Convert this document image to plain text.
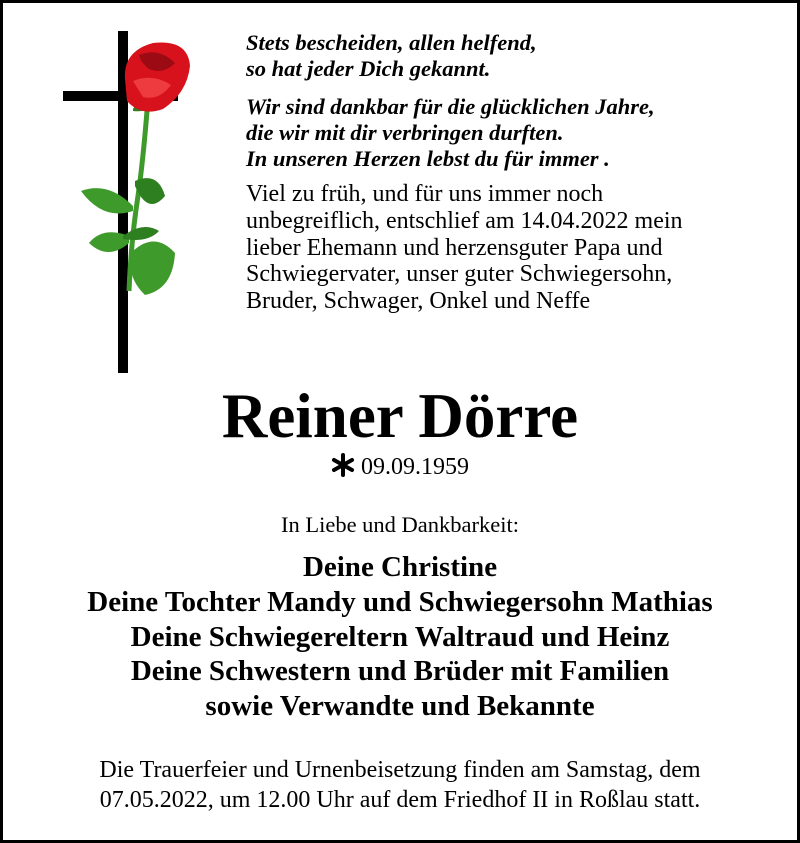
Stets bescheiden, allen helfend,
so hat jeder Dich gekannt.
Wir sind dankbar für die glücklichen Jahre,
die wir mit dir verbringen durften.
In unseren Herzen lebst du für immer .
Viel zu früh, und für uns immer noch
unbegreiflich, entschlief am 14.04.2022 mein
lieber Ehemann und herzensguter Papa und
Schwiegervater, unser guter Schwiegersohn,
Bruder, Schwager, Onkel und Neffe
Reiner Dörre
09.09.1959
In Liebe und Dankbarkeit:
Deine Christine
Deine Tochter Mandy und Schwiegersohn Mathias
Deine Schwiegereltern Waltraud und Heinz
Deine Schwestern und Brüder mit Familien
sowie Verwandte und Bekannte
Die Trauerfeier und Urnenbeisetzung finden am Samstag, dem
07.05.2022, um 12.00 Uhr auf dem Friedhof II in Roßlau statt.
